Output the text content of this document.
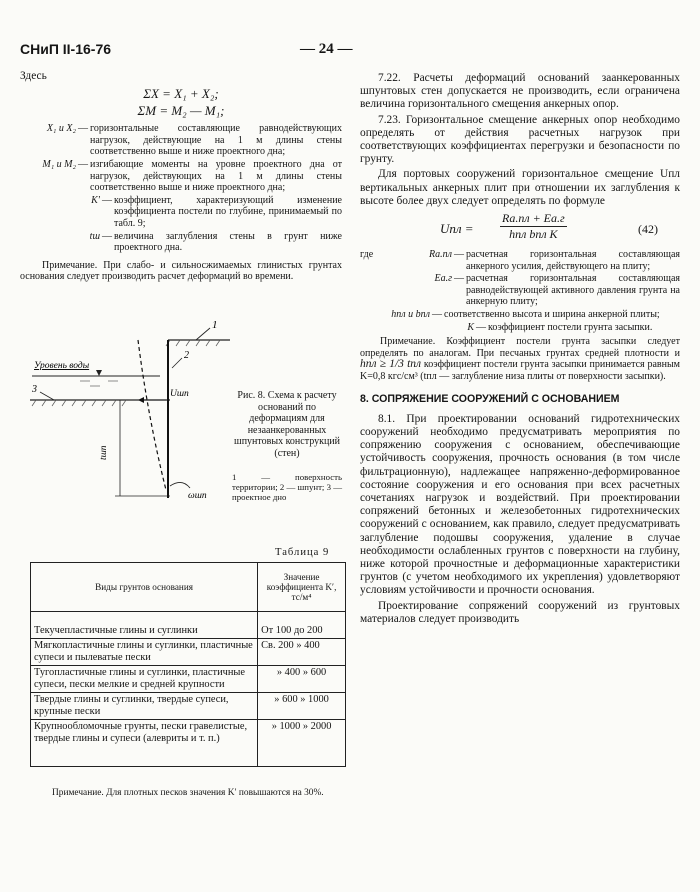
СНиП II-16-76	— 24 —
Здесь
ΣX = X₁ + X₂;
ΣM = M₂ — M₁;
X₁ и X₂ — горизонтальные составляющие равнодействующих нагрузок, действующие на 1 м длины стены соответственно выше и ниже проектного дна;
M₁ и M₂ — изгибающие моменты на уровне проектного дна от нагрузок, действующих на 1 м длины стены соответственно выше и ниже проектного дна;
K′ — коэффициент, характеризующий изменение коэффициента постели по глубине, принимаемый по табл. 9;
tш — величина заглубления стены в грунт ниже проектного дна.
Примечание. При слабо- и сильносжимаемых глинистых грунтах основания следует производить расчет деформаций во времени.
1
2
3
Уровень воды
Uшп
tшп
ωшп
Рис. 8. Схема к расчету оснований по деформациям для незаанкерованных шпунтовых конструкций (стен)
1 — поверхность территории; 2 — шпунт; 3 — проектное дно
Таблица 9
Виды грунтов основания	Значение коэффициента K′, тс/м⁴
Текучепластичные глины и суглинки	От 100 до 200
Мягкопластичные глины и суглинки, пластичные супеси и пылеватые пески	Св. 200 » 400
Тугопластичные глины и суглинки, пластичные супеси, пески мелкие и средней крупности	» 400 » 600
Твердые глины и суглинки, твердые супеси, крупные пески	» 600 » 1000
Крупнообломочные грунты, пески гравелистые, твердые глины и супеси (алевриты и т. п.)	» 1000 » 2000
Примечание. Для плотных песков значения K′ повышаются на 30%.
7.22. Расчеты деформаций оснований заанкерованных шпунтовых стен допускается не производить, если ограничена величина горизонтального смещения анкерных опор.
7.23. Горизонтальное смещение анкерных опор необходимо определять от действия расчетных нагрузок при соответствующих коэффициентах перегрузки и безопасности по грунту.
Для портовых сооружений горизонтальное смещение Uпл вертикальных анкерных плит при отношении их заглубления к высоте более двух следует определять по формуле
Uпл =
Rа.пл + Eа.г
hпл bпл K	(42)
где	Rа.пл — расчетная горизонтальная составляющая анкерного усилия, действующего на плиту;
Eа.г — расчетная горизонтальная составляющая равнодействующей активного давления грунта на анкерную плиту;
hпл и bпл — соответственно высота и ширина анкерной плиты;
K — коэффициент постели грунта засыпки.
Примечание. Коэффициент постели грунта засыпки следует определять по аналогам. При песчаных грунтах средней плотности и hпл ≥ 1/3 tпл коэффициент постели грунта засыпки принимается равным K=0,8 кгс/см³ (tпл — заглубление низа плиты от поверхности засыпки).
8. СОПРЯЖЕНИЕ СООРУЖЕНИЙ С ОСНОВАНИЕМ
8.1. При проектировании оснований гидротехнических сооружений необходимо предусматривать мероприятия по сопряжению сооружения с основанием, обеспечивающие устойчивость сооружения, прочность основания (в том числе фильтрационную), надлежащее напряженно-деформированное состояние сооружения и его основания при всех расчетных сочетаниях нагрузок и воздействий. При проектировании сопряжений бетонных и железобетонных гидротехнических сооружений с основанием, как правило, следует предусматривать заглубление подошвы сооружения, удаление в случае необходимости ослабленных грунтов с поверхности на глубину, ниже которой прочностные и деформационные характеристики грунтов (с учетом необходимого их укрепления) удовлетворяют условиям устойчивости и прочности основания.
Проектирование сопряжений сооружений из грунтовых материалов следует производить
